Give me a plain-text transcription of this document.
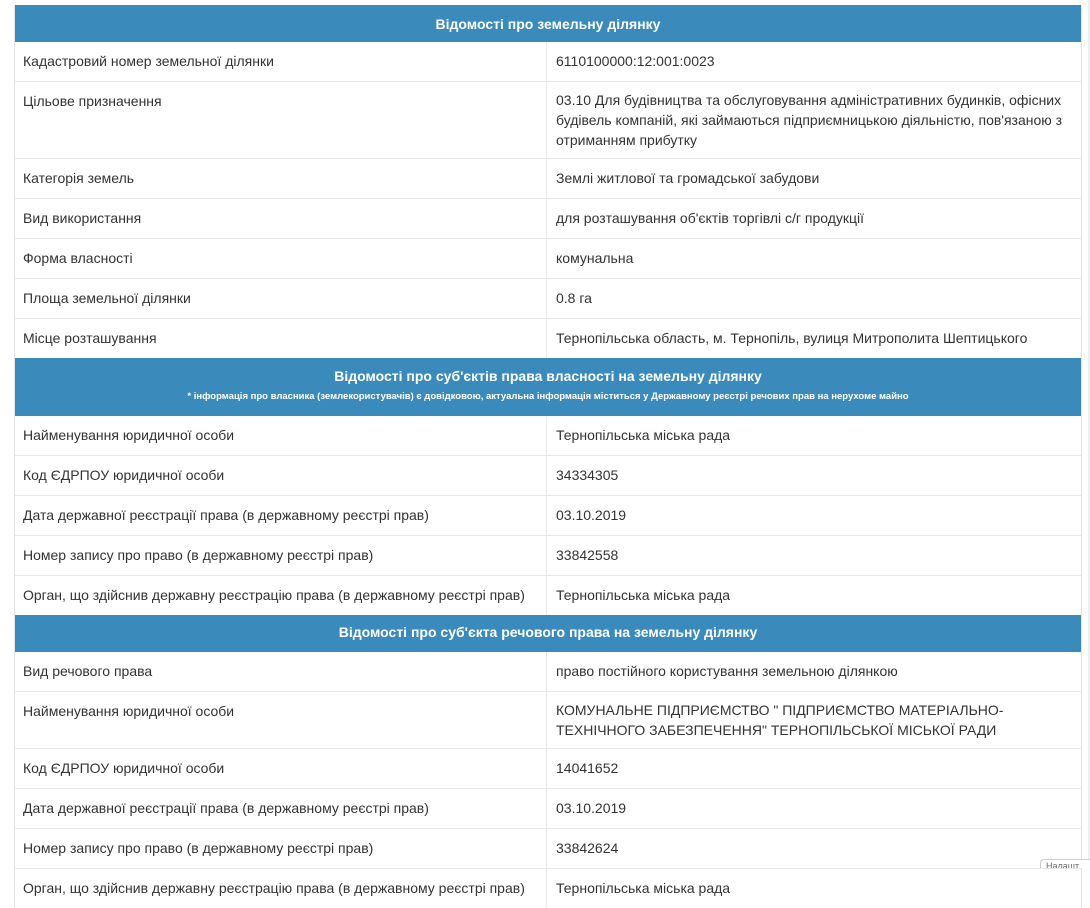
Відомості про земельну ділянку
Кадастровий номер земельної ділянки	6110100000:12:001:0023
Цільове призначення	03.10 Для будівництва та обслуговування адміністративних будинків, офісних будівель компаній, які займаються підприємницькою діяльністю, пов'язаною з отриманням прибутку
Категорія земель	Землі житлової та громадської забудови
Вид використання	для розташування об'єктів торгівлі с/г продукції
Форма власності	комунальна
Площа земельної ділянки	0.8 га
Місце розташування	Тернопільська область, м. Тернопіль, вулиця Митрополита Шептицького
Відомості про суб'єктів права власності на земельну ділянку
* інформація про власника (землекористувачів) є довідковою, актуальна інформація міститься у Державному реєстрі речових прав на нерухоме майно
Найменування юридичної особи	Тернопільська міська рада
Код ЄДРПОУ юридичної особи	34334305
Дата державної реєстрації права (в державному реєстрі прав)	03.10.2019
Номер запису про право (в державному реєстрі прав)	33842558
Орган, що здійснив державну реєстрацію права (в державному реєстрі прав)	Тернопільська міська рада
Відомості про суб'єкта речового права на земельну ділянку
Вид речового права	право постійного користування земельною ділянкою
Найменування юридичної особи	КОМУНАЛЬНЕ ПІДПРИЄМСТВО " ПІДПРИЄМСТВО МАТЕРІАЛЬНО-ТЕХНІЧНОГО ЗАБЕЗПЕЧЕННЯ" ТЕРНОПІЛЬСЬКОЇ МІСЬКОЇ РАДИ
Код ЄДРПОУ юридичної особи	14041652
Дата державної реєстрації права (в державному реєстрі прав)	03.10.2019
Номер запису про право (в державному реєстрі прав)	33842624
Орган, що здійснив державну реєстрацію права (в державному реєстрі прав)	Тернопільська міська рада
Налашт
